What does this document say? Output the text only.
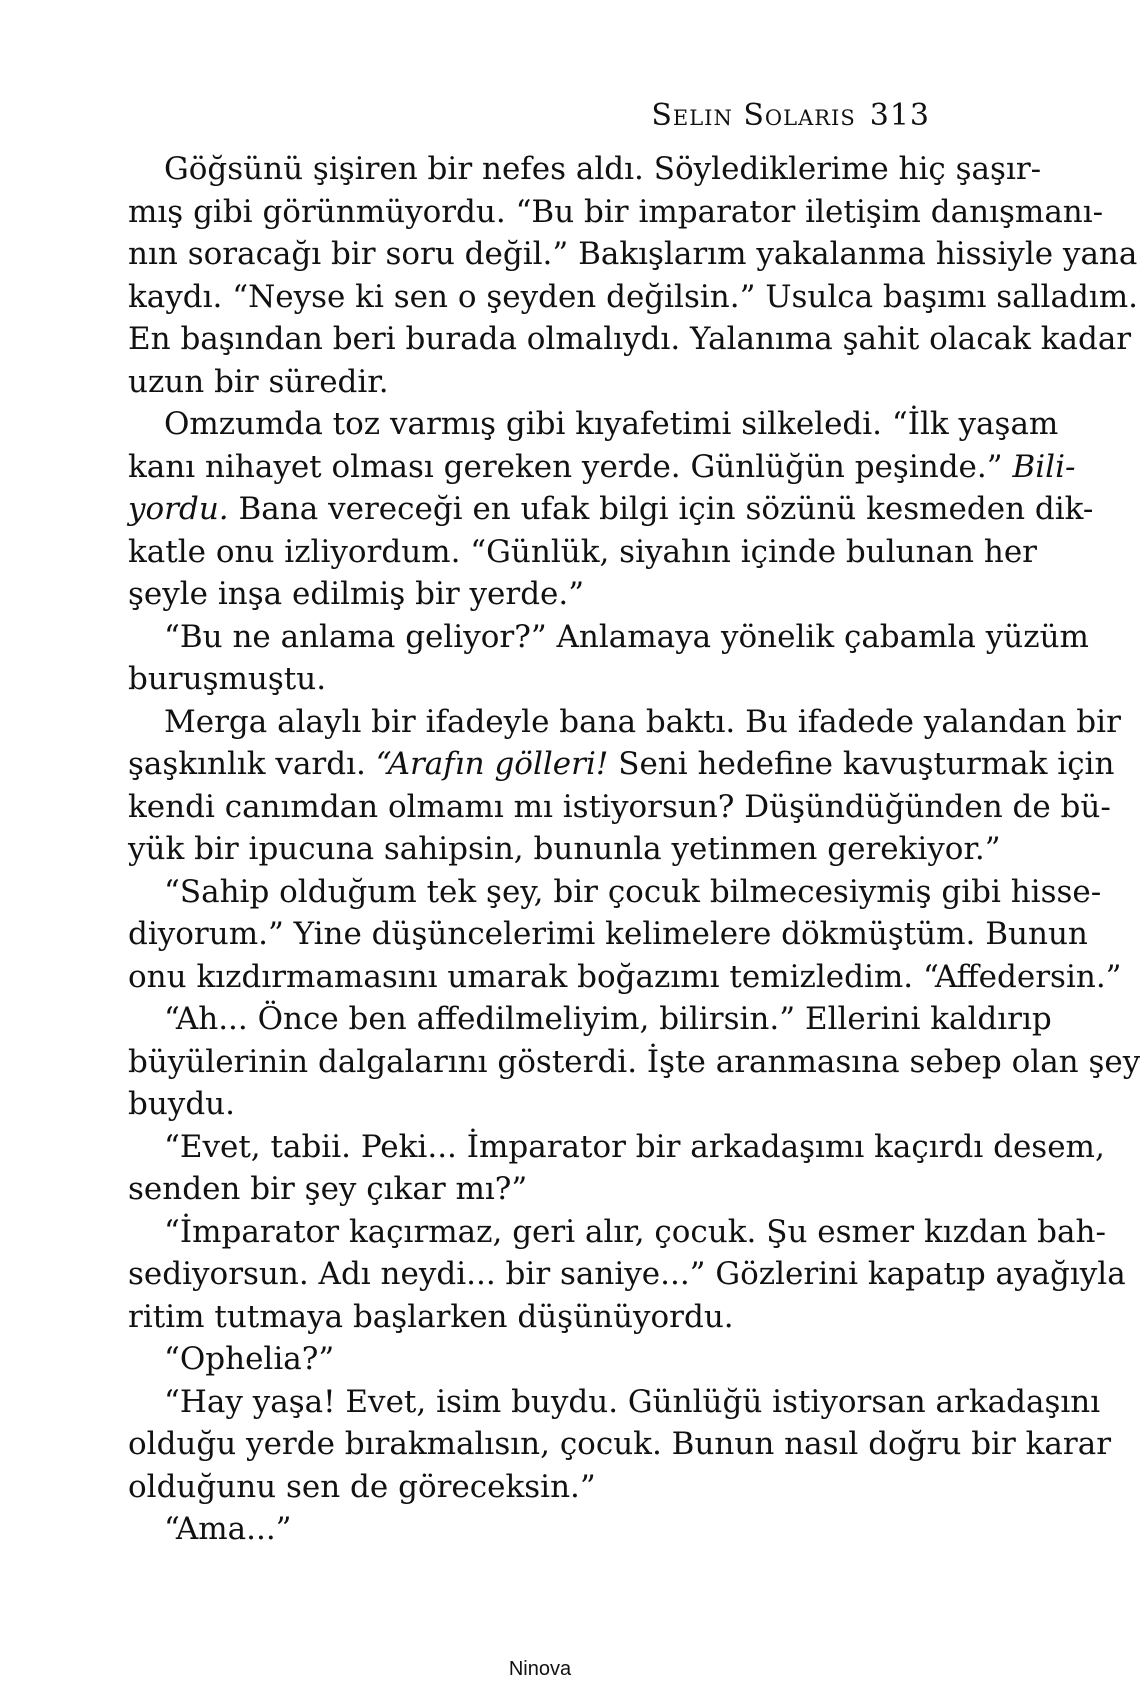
Selin Solaris 313
Göğsünü şişiren bir nefes aldı. Söylediklerime hiç şaşır-
mış gibi görünmüyordu. “Bu bir imparator iletişim danışmanı-
nın soracağı bir soru değil.” Bakışlarım yakalanma hissiyle yana
kaydı. “Neyse ki sen o şeyden değilsin.” Usulca başımı salladım.
En başından beri burada olmalıydı. Yalanıma şahit olacak kadar
uzun bir süredir.
Omzumda toz varmış gibi kıyafetimi silkeledi. “İlk yaşam
kanı nihayet olması gereken yerde. Günlüğün peşinde.” Bili-
yordu. Bana vereceği en ufak bilgi için sözünü kesmeden dik-
katle onu izliyordum. “Günlük, siyahın içinde bulunan her
şeyle inşa edilmiş bir yerde.”
“Bu ne anlama geliyor?” Anlamaya yönelik çabamla yüzüm
buruşmuştu.
Merga alaylı bir ifadeyle bana baktı. Bu ifadede yalandan bir
şaşkınlık vardı. “Arafın gölleri! Seni hedefine kavuşturmak için
kendi canımdan olmamı mı istiyorsun? Düşündüğünden de bü-
yük bir ipucuna sahipsin, bununla yetinmen gerekiyor.”
“Sahip olduğum tek şey, bir çocuk bilmecesiymiş gibi hisse-
diyorum.” Yine düşüncelerimi kelimelere dökmüştüm. Bunun
onu kızdırmamasını umarak boğazımı temizledim. “Affedersin.”
“Ah... Önce ben affedilmeliyim, bilirsin.” Ellerini kaldırıp
büyülerinin dalgalarını gösterdi. İşte aranmasına sebep olan şey
buydu.
“Evet, tabii. Peki... İmparator bir arkadaşımı kaçırdı desem,
senden bir şey çıkar mı?”
“İmparator kaçırmaz, geri alır, çocuk. Şu esmer kızdan bah-
sediyorsun. Adı neydi... bir saniye...” Gözlerini kapatıp ayağıyla
ritim tutmaya başlarken düşünüyordu.
“Ophelia?”
“Hay yaşa! Evet, isim buydu. Günlüğü istiyorsan arkadaşını
olduğu yerde bırakmalısın, çocuk. Bunun nasıl doğru bir karar
olduğunu sen de göreceksin.”
“Ama...”
Ninova
